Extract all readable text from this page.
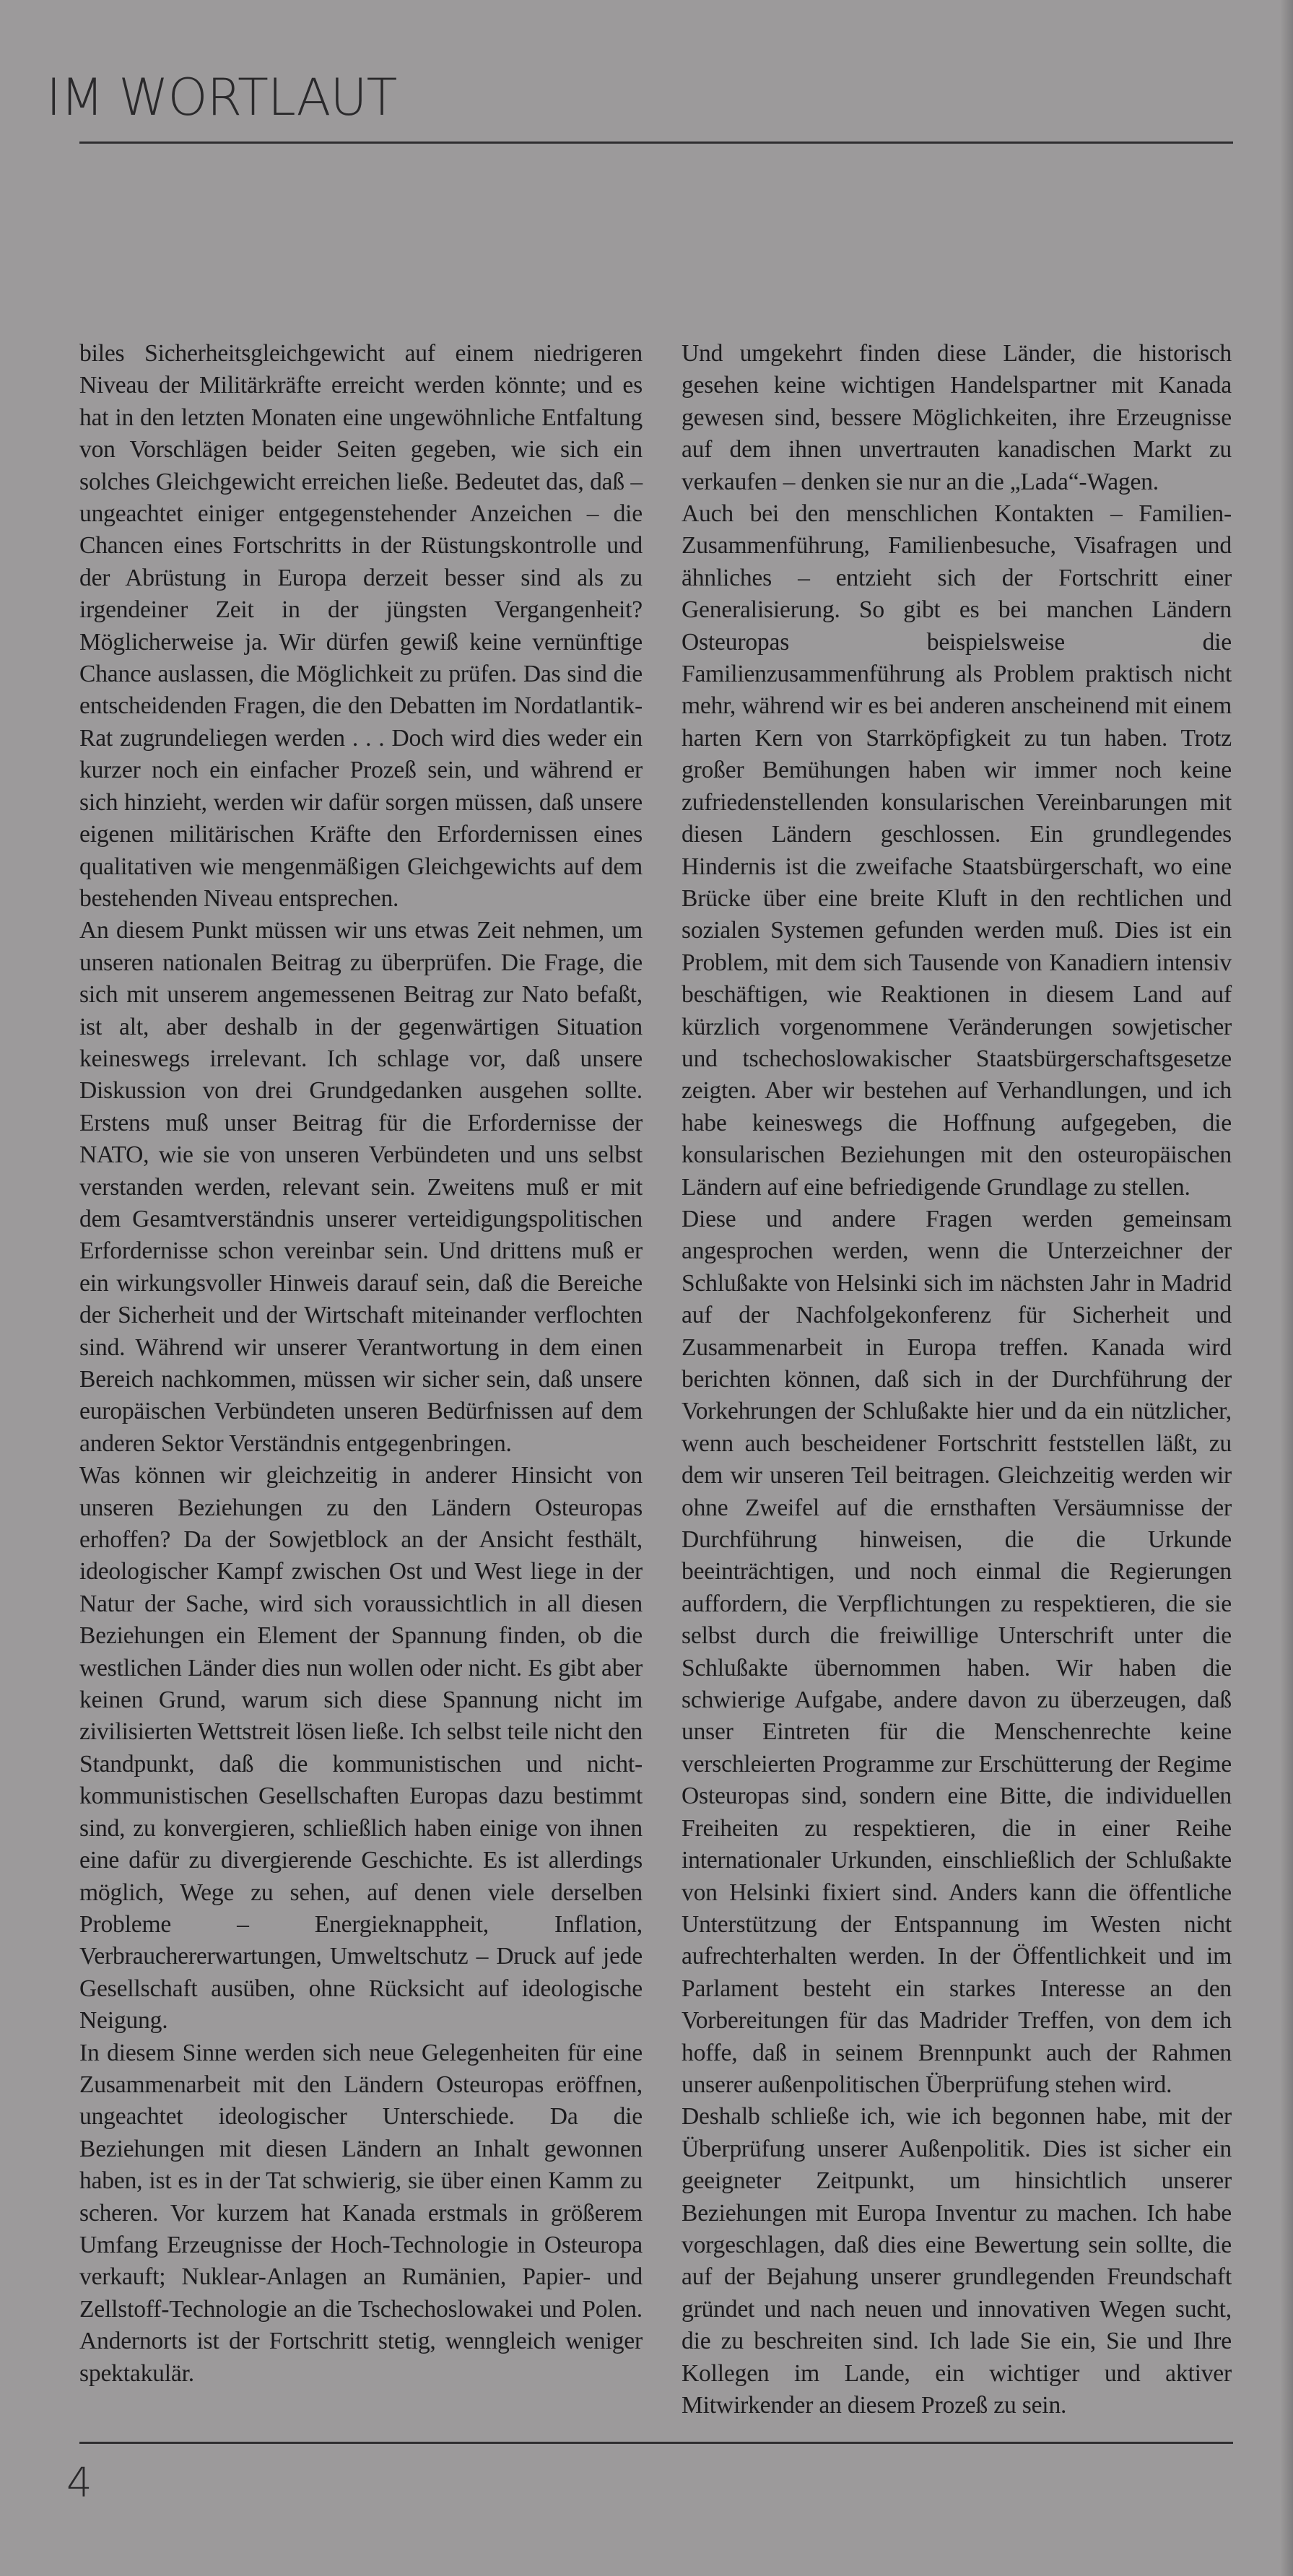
IM WORTLAUT

biles Sicherheitsgleichgewicht auf einem niedrigeren Niveau der Militärkräfte erreicht werden könnte; und es hat in den letzten Monaten eine ungewöhnliche Entfaltung von Vorschlägen beider Seiten gegeben, wie sich ein solches Gleichgewicht erreichen ließe. Bedeutet das, daß – ungeachtet einiger entgegenstehender Anzeichen – die Chancen eines Fortschritts in der Rüstungskontrolle und der Abrüstung in Europa derzeit besser sind als zu irgendeiner Zeit in der jüngsten Vergangenheit? Möglicherweise ja. Wir dürfen gewiß keine vernünftige Chance auslassen, die Möglichkeit zu prüfen. Das sind die entscheidenden Fragen, die den Debatten im Nordatlantik-Rat zugrundeliegen werden . . . Doch wird dies weder ein kurzer noch ein einfacher Prozeß sein, und während er sich hinzieht, werden wir dafür sorgen müssen, daß unsere eigenen militärischen Kräfte den Erfordernissen eines qualitativen wie mengenmäßigen Gleichgewichts auf dem bestehenden Niveau entsprechen.

An diesem Punkt müssen wir uns etwas Zeit nehmen, um unseren nationalen Beitrag zu überprüfen. Die Frage, die sich mit unserem angemessenen Beitrag zur Nato befaßt, ist alt, aber deshalb in der gegenwärtigen Situation keineswegs irrelevant. Ich schlage vor, daß unsere Diskussion von drei Grundgedanken ausgehen sollte. Erstens muß unser Beitrag für die Erfordernisse der NATO, wie sie von unseren Verbündeten und uns selbst verstanden werden, relevant sein. Zweitens muß er mit dem Gesamtverständnis unserer verteidigungspolitischen Erfordernisse schon vereinbar sein. Und drittens muß er ein wirkungsvoller Hinweis darauf sein, daß die Bereiche der Sicherheit und der Wirtschaft miteinander verflochten sind. Während wir unserer Verantwortung in dem einen Bereich nachkommen, müssen wir sicher sein, daß unsere europäischen Verbündeten unseren Bedürfnissen auf dem anderen Sektor Verständnis entgegenbringen.

Was können wir gleichzeitig in anderer Hinsicht von unseren Beziehungen zu den Ländern Osteuropas erhoffen? Da der Sowjetblock an der Ansicht festhält, ideologischer Kampf zwischen Ost und West liege in der Natur der Sache, wird sich voraussichtlich in all diesen Beziehungen ein Element der Spannung finden, ob die westlichen Länder dies nun wollen oder nicht. Es gibt aber keinen Grund, warum sich diese Spannung nicht im zivilisierten Wettstreit lösen ließe. Ich selbst teile nicht den Standpunkt, daß die kommunistischen und nicht-kommunistischen Gesellschaften Europas dazu bestimmt sind, zu konvergieren, schließlich haben einige von ihnen eine dafür zu divergierende Geschichte. Es ist allerdings möglich, Wege zu sehen, auf denen viele derselben Probleme – Energieknappheit, Inflation, Verbrauchererwartungen, Umweltschutz – Druck auf jede Gesellschaft ausüben, ohne Rücksicht auf ideologische Neigung.

In diesem Sinne werden sich neue Gelegenheiten für eine Zusammenarbeit mit den Ländern Osteuropas eröffnen, ungeachtet ideologischer Unterschiede. Da die Beziehungen mit diesen Ländern an Inhalt gewonnen haben, ist es in der Tat schwierig, sie über einen Kamm zu scheren. Vor kurzem hat Kanada erstmals in größerem Umfang Erzeugnisse der Hoch-Technologie in Osteuropa verkauft; Nuklear-Anlagen an Rumänien, Papier- und Zellstoff-Technologie an die Tschechoslowakei und Polen. Andernorts ist der Fortschritt stetig, wenngleich weniger spektakulär.

Und umgekehrt finden diese Länder, die historisch gesehen keine wichtigen Handelspartner mit Kanada gewesen sind, bessere Möglichkeiten, ihre Erzeugnisse auf dem ihnen unvertrauten kanadischen Markt zu verkaufen – denken sie nur an die „Lada“-Wagen.

Auch bei den menschlichen Kontakten – Familien-Zusammenführung, Familienbesuche, Visafragen und ähnliches – entzieht sich der Fortschritt einer Generalisierung. So gibt es bei manchen Ländern Osteuropas beispielsweise die Familienzusammenführung als Problem praktisch nicht mehr, während wir es bei anderen anscheinend mit einem harten Kern von Starrköpfigkeit zu tun haben. Trotz großer Bemühungen haben wir immer noch keine zufriedenstellenden konsularischen Vereinbarungen mit diesen Ländern geschlossen. Ein grundlegendes Hindernis ist die zweifache Staatsbürgerschaft, wo eine Brücke über eine breite Kluft in den rechtlichen und sozialen Systemen gefunden werden muß. Dies ist ein Problem, mit dem sich Tausende von Kanadiern intensiv beschäftigen, wie Reaktionen in diesem Land auf kürzlich vorgenommene Veränderungen sowjetischer und tschechoslowakischer Staatsbürgerschaftsgesetze zeigten. Aber wir bestehen auf Verhandlungen, und ich habe keineswegs die Hoffnung aufgegeben, die konsularischen Beziehungen mit den osteuropäischen Ländern auf eine befriedigende Grundlage zu stellen.

Diese und andere Fragen werden gemeinsam angesprochen werden, wenn die Unterzeichner der Schlußakte von Helsinki sich im nächsten Jahr in Madrid auf der Nachfolgekonferenz für Sicherheit und Zusammenarbeit in Europa treffen. Kanada wird berichten können, daß sich in der Durchführung der Vorkehrungen der Schlußakte hier und da ein nützlicher, wenn auch bescheidener Fortschritt feststellen läßt, zu dem wir unseren Teil beitragen. Gleichzeitig werden wir ohne Zweifel auf die ernsthaften Versäumnisse der Durchführung hinweisen, die die Urkunde beeinträchtigen, und noch einmal die Regierungen auffordern, die Verpflichtungen zu respektieren, die sie selbst durch die freiwillige Unterschrift unter die Schlußakte übernommen haben. Wir haben die schwierige Aufgabe, andere davon zu überzeugen, daß unser Eintreten für die Menschenrechte keine verschleierten Programme zur Erschütterung der Regime Osteuropas sind, sondern eine Bitte, die individuellen Freiheiten zu respektieren, die in einer Reihe internationaler Urkunden, einschließlich der Schlußakte von Helsinki fixiert sind. Anders kann die öffentliche Unterstützung der Entspannung im Westen nicht aufrechterhalten werden. In der Öffentlichkeit und im Parlament besteht ein starkes Interesse an den Vorbereitungen für das Madrider Treffen, von dem ich hoffe, daß in seinem Brennpunkt auch der Rahmen unserer außenpolitischen Überprüfung stehen wird.

Deshalb schließe ich, wie ich begonnen habe, mit der Überprüfung unserer Außenpolitik. Dies ist sicher ein geeigneter Zeitpunkt, um hinsichtlich unserer Beziehungen mit Europa Inventur zu machen. Ich habe vorgeschlagen, daß dies eine Bewertung sein sollte, die auf der Bejahung unserer grundlegenden Freundschaft gründet und nach neuen und innovativen Wegen sucht, die zu beschreiten sind. Ich lade Sie ein, Sie und Ihre Kollegen im Lande, ein wichtiger und aktiver Mitwirkender an diesem Prozeß zu sein.

4
